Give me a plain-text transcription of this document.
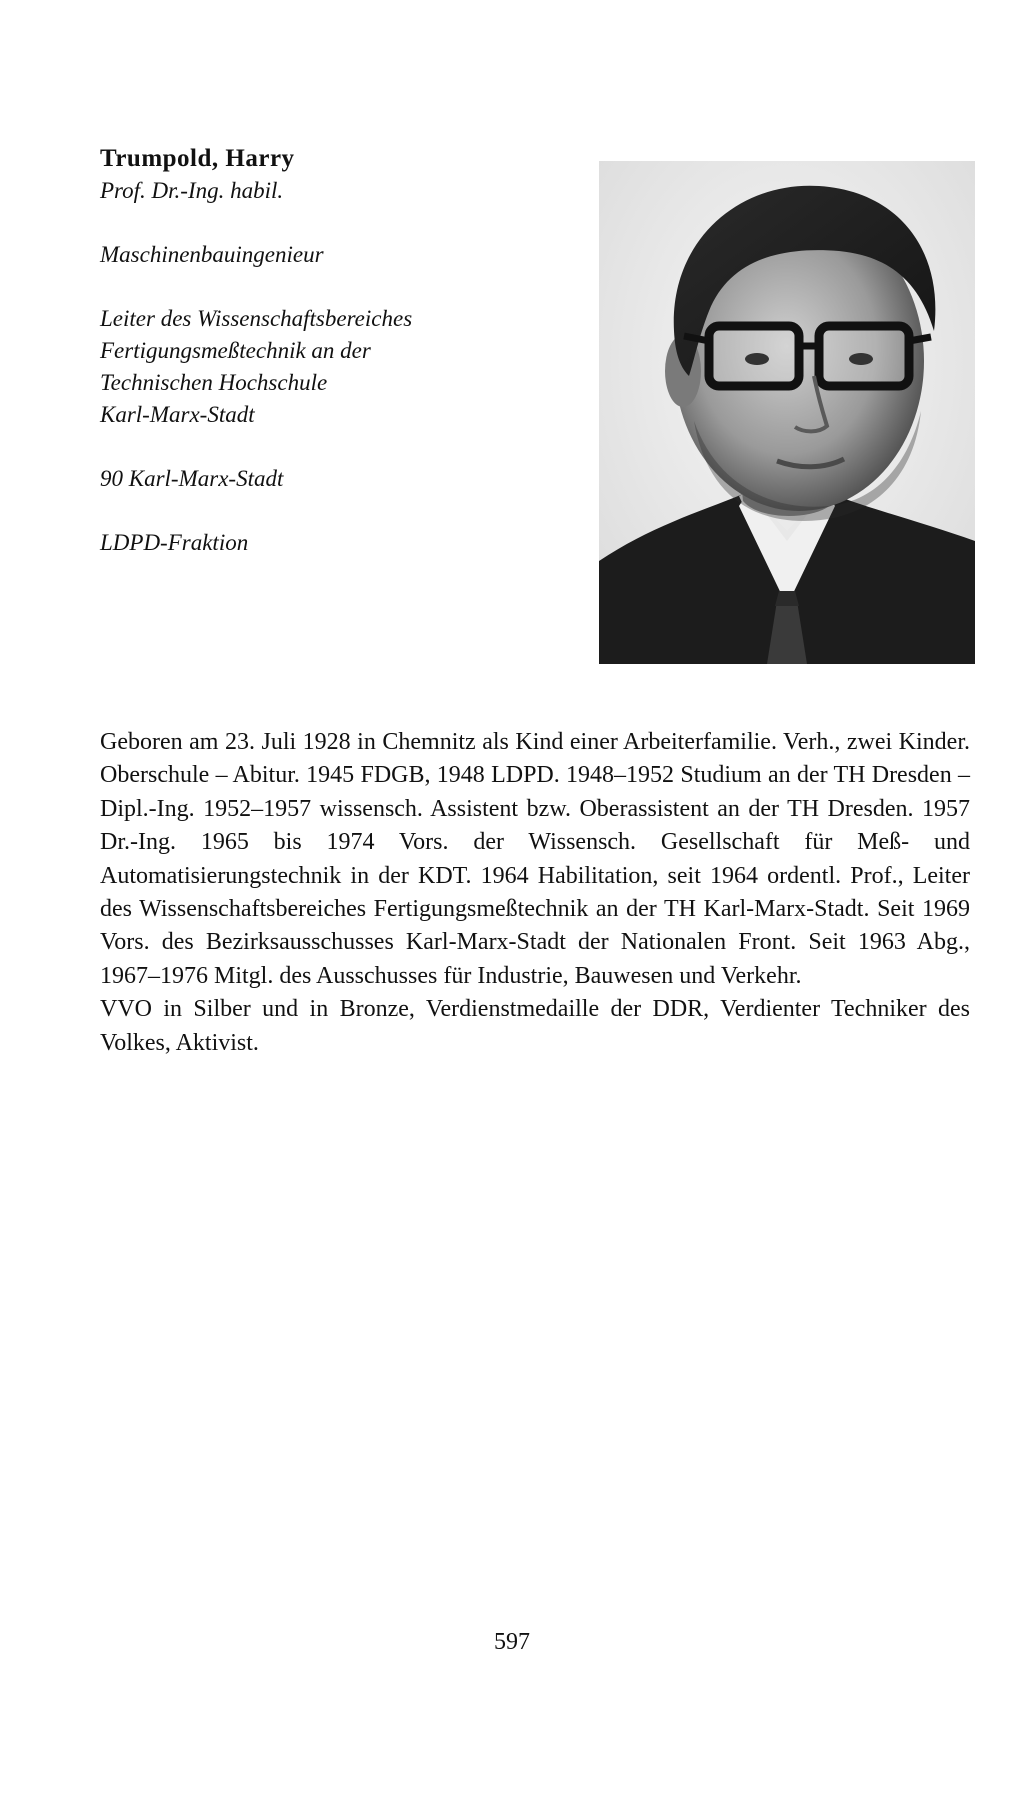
Trumpold, Harry

Prof. Dr.-Ing. habil.

Maschinenbauingenieur

Leiter des Wissenschaftsbereiches

Fertigungsmeßtechnik an der

Technischen Hochschule

Karl-Marx-Stadt

90 Karl-Marx-Stadt

LDPD-Fraktion

Geboren am 23. Juli 1928 in Chemnitz als Kind einer Arbeiterfamilie. Verh., zwei Kinder. Oberschule – Abitur. 1945 FDGB, 1948 LDPD. 1948–1952 Studium an der TH Dresden – Dipl.-Ing. 1952–1957 wissensch. Assistent bzw. Oberassistent an der TH Dresden. 1957 Dr.-Ing. 1965 bis 1974 Vors. der Wissensch. Gesellschaft für Meß- und Automatisierungstechnik in der KDT. 1964 Habilitation, seit 1964 ordentl. Prof., Leiter des Wissenschaftsbereiches Fertigungsmeßtechnik an der TH Karl-Marx-Stadt. Seit 1969 Vors. des Bezirksausschusses Karl-Marx-Stadt der Nationalen Front. Seit 1963 Abg., 1967–1976 Mitgl. des Ausschusses für Industrie, Bauwesen und Verkehr.

VVO in Silber und in Bronze, Verdienstmedaille der DDR, Verdienter Techniker des Volkes, Aktivist.

597
